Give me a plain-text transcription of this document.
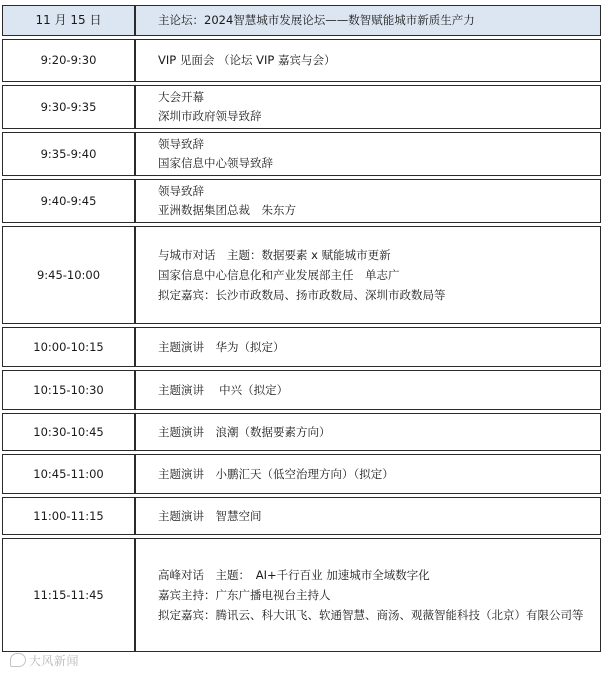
11 月 15 日	主论坛：2024智慧城市发展论坛——数智赋能城市新质生产力
9:20-9:30	VIP 见面会 （论坛 VIP 嘉宾与会）

9:30-9:35	大会开幕
深圳市政府领导致辞

9:35-9:40	领导致辞
国家信息中心领导致辞

9:40-9:45	领导致辞
亚洲数据集团总裁　朱东方

9:45-10:00	与城市对话　主题：数据要素 x 赋能城市更新
国家信息中心信息化和产业发展部主任　单志广
拟定嘉宾：长沙市政数局、扬市政数局、深圳市政数局等

10:00-10:15	主题演讲　华为（拟定）

10:15-10:30	主题演讲　 中兴（拟定）

10:30-10:45	主题演讲　浪潮（数据要素方向）

10:45-11:00	主题演讲　小鹏汇天（低空治理方向）（拟定）

11:00-11:15	主题演讲　智慧空间

11:15-11:45	高峰对话　主题：　AI+千行百业 加速城市全域数字化
嘉宾主持：广东广播电视台主持人
拟定嘉宾：腾讯云、科大讯飞、软通智慧、商汤、观薇智能科技（北京）有限公司等
大风新闻
